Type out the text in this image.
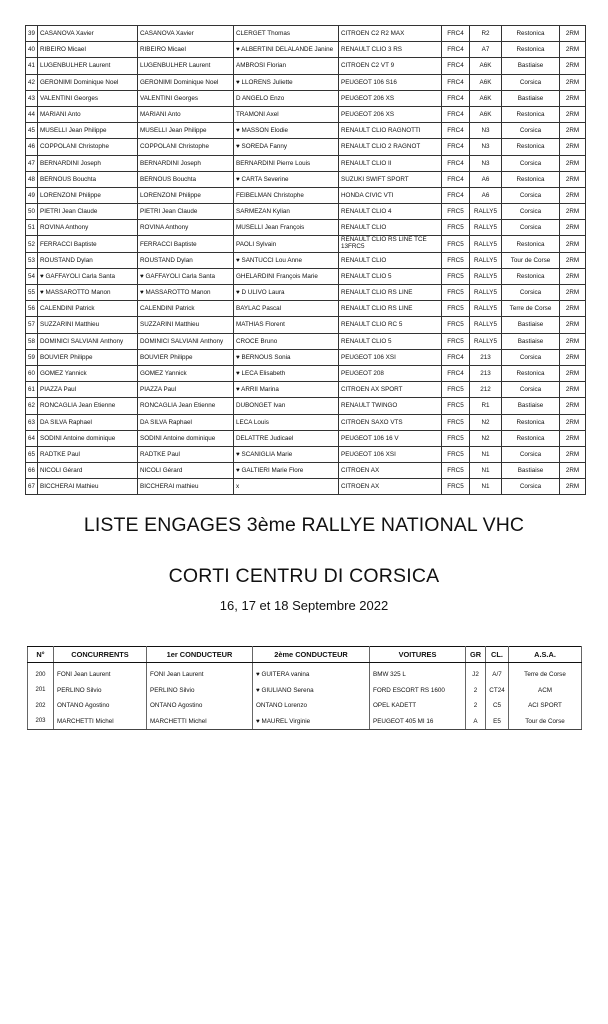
39	CASANOVA Xavier	CASANOVA Xavier	CLERGET Thomas	CITROEN C2 R2 MAX	FRC4	R2	Restonica	2RM
40	RIBEIRO Micael	RIBEIRO Micael	♥ ALBERTINI DELALANDE Janine	RENAULT CLIO 3 RS	FRC4	A7	Restonica	2RM
41	LUGENBULHER Laurent	LUGENBULHER Laurent	AMBROSI Florian	CITROEN C2 VT 9	FRC4	A6K	Bastiaise	2RM
42	GERONIMI Dominique Noel	GERONIMI Dominique Noel	♥ LLORENS Juliette	PEUGEOT 106 S16	FRC4	A6K	Corsica	2RM
43	VALENTINI Georges	VALENTINI Georges	D ANGELO Enzo	PEUGEOT 206 XS	FRC4	A6K	Bastiaise	2RM
44	MARIANI Anto	MARIANI Anto	TRAMONI Axel	PEUGEOT 206 XS	FRC4	A6K	Restonica	2RM
45	MUSELLI Jean Philippe	MUSELLI Jean Philippe	♥ MASSON Elodie	RENAULT CLIO RAGNOTTI	FRC4	N3	Corsica	2RM
46	COPPOLANI Christophe	COPPOLANI Christophe	♥ SOREDA Fanny	RENAULT CLIO 2 RAGNOT	FRC4	N3	Restonica	2RM
47	BERNARDINI Joseph	BERNARDINI Joseph	BERNARDINI Pierre Louis	RENAULT CLIO II	FRC4	N3	Corsica	2RM
48	BERNOUS Bouchta	BERNOUS Bouchta	♥ CARTA Severine	SUZUKI SWIFT SPORT	FRC4	A6	Restonica	2RM
49	LORENZONI Philippe	LORENZONI Philippe	FEIBELMAN Christophe	HONDA CIVIC VTI	FRC4	A6	Corsica	2RM
50	PIETRI Jean Claude	PIETRI Jean Claude	SARMEZAN Kylian	RENAULT CLIO 4	FRC5	RALLY5	Corsica	2RM
51	ROVINA Anthony	ROVINA Anthony	MUSELLI Jean François	RENAULT CLIO	FRC5	RALLY5	Corsica	2RM
52	FERRACCI Baptiste	FERRACCI Baptiste	PAOLI Sylvain	RENAULT CLIO RS LINE TCE 13FRC5	FRC5	RALLY5	Restonica	2RM
53	ROUSTAND Dylan	ROUSTAND Dylan	♥ SANTUCCI Lou Anne	RENAULT CLIO	FRC5	RALLY5	Tour de Corse	2RM
54	♥ GAFFAYOLI Carla Santa	♥ GAFFAYOLI Carla Santa	GHELARDINI François Marie	RENAULT CLIO 5	FRC5	RALLY5	Restonica	2RM
55	♥ MASSAROTTO Manon	♥ MASSAROTTO Manon	♥ D ULIVO Laura	RENAULT CLIO RS LINE	FRC5	RALLY5	Corsica	2RM
56	CALENDINI Patrick	CALENDINI Patrick	BAYLAC Pascal	RENAULT CLIO RS LINE	FRC5	RALLY5	Terre de Corse	2RM
57	SUZZARINI Matthieu	SUZZARINI Matthieu	MATHIAS Florent	RENAULT CLIO RC 5	FRC5	RALLY5	Bastiaise	2RM
58	DOMINICI SALVIANI Anthony	DOMINICI SALVIANI Anthony	CROCE Bruno	RENAULT CLIO 5	FRC5	RALLY5	Bastiaise	2RM
59	BOUVIER Philippe	BOUVIER Philippe	♥ BERNOUS Sonia	PEUGEOT 106 XSI	FRC4	213	Corsica	2RM
60	GOMEZ Yannick	GOMEZ Yannick	♥ LECA Elisabeth	PEUGEOT 208	FRC4	213	Restonica	2RM
61	PIAZZA Paul	PIAZZA Paul	♥ ARRII Marina	CITROEN AX SPORT	FRC5	212	Corsica	2RM
62	RONCAGLIA Jean Etienne	RONCAGLIA Jean Etienne	DUBONGET Ivan	RENAULT TWINGO	FRC5	R1	Bastiaise	2RM
63	DA SILVA Raphael	DA SILVA Raphael	LECA Louis	CITROEN SAXO VTS	FRC5	N2	Restonica	2RM
64	SODINI Antoine dominique	SODINI Antoine dominique	DELATTRE Judicael	PEUGEOT 106 16 V	FRC5	N2	Restonica	2RM
65	RADTKE Paul	RADTKE Paul	♥ SCANIGLIA Marie	PEUGEOT 106 XSI	FRC5	N1	Corsica	2RM
66	NICOLI Gérard	NICOLI Gérard	♥ GALTIERI Marie Flore	CITROEN AX	FRC5	N1	Bastiaise	2RM
67	BICCHERAI Mathieu	BICCHERAI mathieu	x	CITROEN AX	FRC5	N1	Corsica	2RM
LISTE ENGAGES 3ème RALLYE NATIONAL VHC
CORTI CENTRU DI CORSICA
16, 17 et 18 Septembre 2022
N°	CONCURRENTS	1er CONDUCTEUR	2ème CONDUCTEUR	VOITURES	GR	CL.	A.S.A.

200	FONI Jean Laurent	FONI Jean Laurent	♥ GUITERA vanina	BMW 325 L	J2	A/7	Terre de Corse
201	PERLINO Silvio	PERLINO Silvio	♥ GIULIANO Serena	FORD ESCORT RS 1600	2	CT24	ACM
202	ONTANO Agostino	ONTANO Agostino	ONTANO Lorenzo	OPEL KADETT	2	C5	ACI SPORT
203	MARCHETTI Michel	MARCHETTI Michel	♥ MAUREL Virginie	PEUGEOT 405 MI 16	A	E5	Tour de Corse
